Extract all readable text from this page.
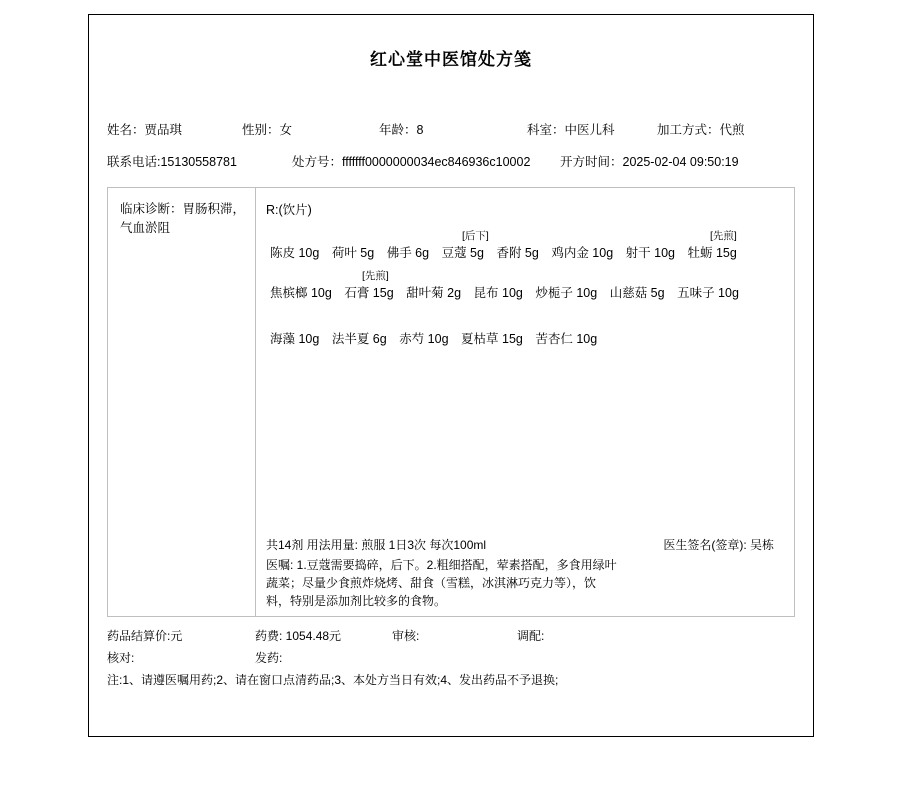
红心堂中医馆处方笺
姓名：贾品琪	性别：女	年龄：8	科室：中医儿科	加工方式：代煎
联系电话:15130558781	处方号：fffffff0000000034ec846936c10002	开方时间：2025-02-04 09:50:19
临床诊断：胃肠积滞，气血淤阻
R:(饮片)
[后下]	[先煎]
陈皮 10g 荷叶 5g 佛手 6g 豆蔻 5g 香附 5g 鸡内金 10g 射干 10g 牡蛎 15g
[先煎]
焦槟榔 10g 石膏 15g 甜叶菊 2g 昆布 10g 炒栀子 10g 山慈菇 5g 五味子 10g
海藻 10g 法半夏 6g 赤芍 10g 夏枯草 15g 苦杏仁 10g
共14剂 用法用量: 煎服 1日3次 每次100ml	医生签名(签章): 吴栋
医嘱: 1.豆蔻需要捣碎，后下。2.粗细搭配，荤素搭配，多食用绿叶
蔬菜；尽量少食煎炸烧烤、甜食（雪糕，冰淇淋巧克力等），饮
料，特别是添加剂比较多的食物。
药品结算价:元	药费: 1054.48元	审核:	调配:
核对:	发药:
注:1、请遵医嘱用药;2、请在窗口点清药品;3、本处方当日有效;4、发出药品不予退换;
